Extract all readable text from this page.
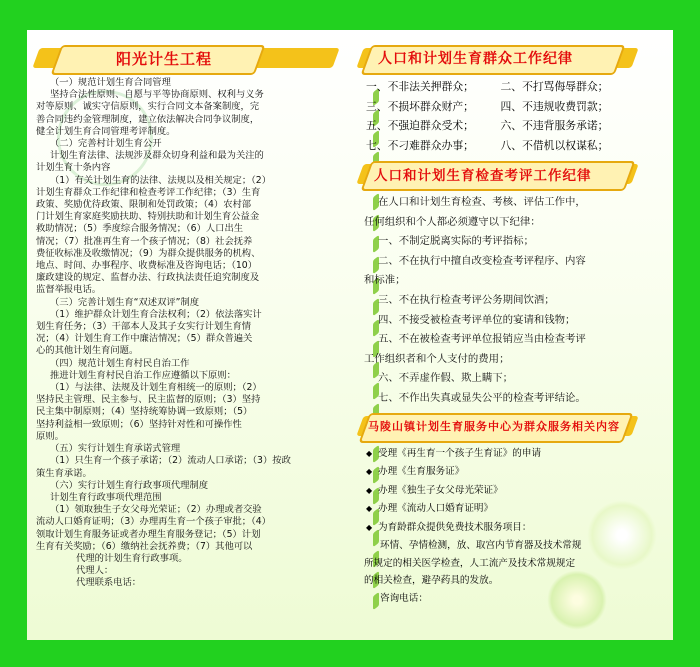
阳光计生工程
（一）规范计划生育合同管理
坚持合法性原则、自愿与平等协商原则、权利与义务
对等原则、诚实守信原则，实行合同文本备案制度，完
善合同违约金管理制度，建立依法解决合同争议制度，
健全计划生育合同管理考评制度。
（二）完善村计划生育公开
计划生育法律、法规涉及群众切身利益和最为关注的
计划生育十条内容
（1）有关计划生育的法律、法规以及相关规定；（2）
计划生育群众工作纪律和检查考评工作纪律；（3）生育
政策、奖励优待政策、限制和处罚政策；（4）农村部
门计划生育家庭奖励扶助、特别扶助和计划生育公益金
救助情况；（5）季度综合服务情况；（6）人口出生
情况；（7）批准再生育一个孩子情况；（8）社会抚养
费征收标准及收缴情况；（9）为群众提供服务的机构、
地点、时间、办事程序、收费标准及咨询电话；（10）
廉政建设的规定、监督办法、行政执法责任追究制度及
监督举报电话。
（三）完善计划生育“双述双评”制度
（1）维护群众计划生育合法权利；（2）依法落实计
划生育任务；（3）干部本人及其子女实行计划生育情
况；（4）计划生育工作中廉洁情况；（5）群众普遍关
心的其他计划生育问题。
（四）规范计划生育村民自治工作
推进计划生育村民自治工作应遵循以下原则：
（1）与法律、法规及计划生育相统一的原则；（2）
坚持民主管理、民主参与、民主监督的原则；（3）坚持
民主集中制原则；（4）坚持统筹协调一致原则；（5）
坚持利益相一致原则；（6）坚持针对性和可操作性
原则。
（五）实行计划生育承诺式管理
（1）只生育一个孩子承诺；（2）流动人口承诺；（3）按政
策生育承诺。
（六）实行计划生育行政事项代理制度
计划生育行政事项代理范围
（1）领取独生子女父母光荣证；（2）办理或者交验
流动人口婚育证明；（3）办理再生育一个孩子审批；（4）
领取计划生育服务证或者办理生育服务登记；（5）计划
生育有关奖励；（6）缴纳社会抚养费；（7）其他可以
代理的计划生育行政事项。
代理人：
代理联系电话：
人口和计划生育群众工作纪律
一、不非法关押群众；	二、不打骂侮辱群众；
三、不损坏群众财产；	四、不违规收费罚款；
五、不强迫群众受术；	六、不违背服务承诺；
七、不刁难群众办事；	八、不借机以权谋私；
人口和计划生育检查考评工作纪律
在人口和计划生育检查、考核、评估工作中，
任何组织和个人都必须遵守以下纪律：
一、不制定脱离实际的考评指标；
二、不在执行中擅自改变检查考评程序、内容
和标准；
三、不在执行检查考评公务期间饮酒；
四、不接受被检查考评单位的宴请和钱物；
五、不在被检查考评单位报销应当由检查考评
工作组织者和个人支付的费用；
六、不弄虚作假、欺上瞒下；
七、不作出失真或显失公平的检查考评结论。
马陵山镇计划生育服务中心为群众服务相关内容
◆ 受理《再生育一个孩子生育证》的申请
◆ 办理《生育服务证》
◆ 办理《独生子女父母光荣证》
◆ 办理《流动人口婚育证明》
◆ 为育龄群众提供免费技术服务项目：
环情、孕情检测，放、取宫内节育器及技术常规
所规定的相关医学检查，人工流产及技术常规规定
的相关检查，避孕药具的发放。
咨询电话：
